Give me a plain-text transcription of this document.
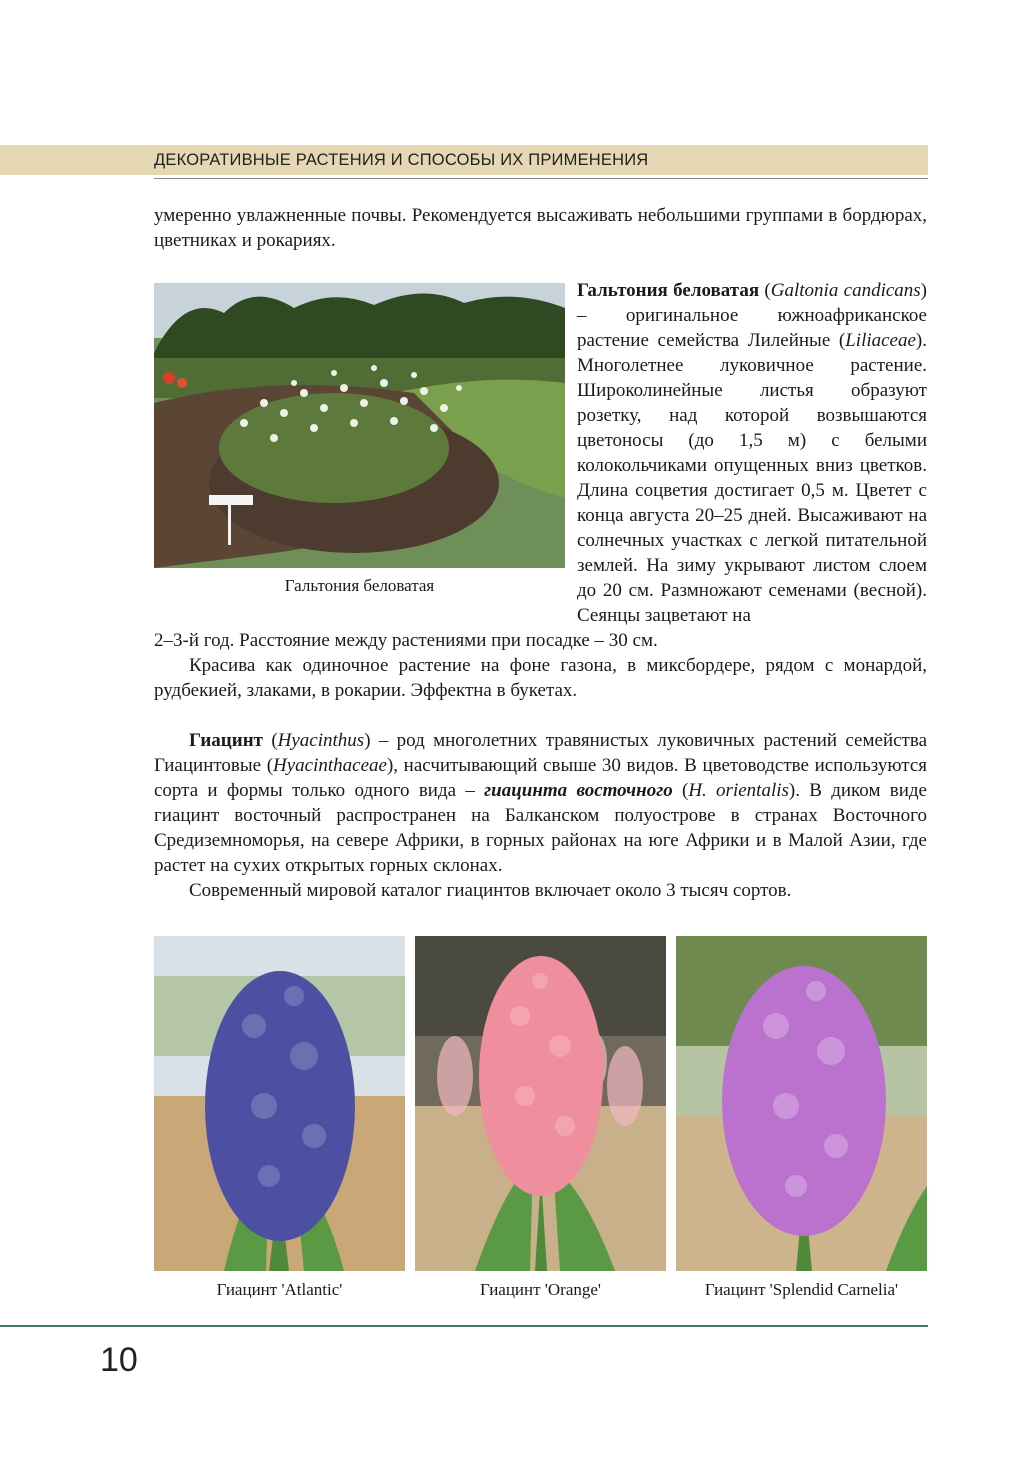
ДЕКОРАТИВНЫЕ РАСТЕНИЯ И СПОСОБЫ ИХ ПРИМЕНЕНИЯ

умеренно увлажненные почвы. Рекомендуется высаживать небольшими группами в бордюрах, цветниках и рокариях.

Гальтония беловатая

Гальтония беловатая (Galtonia candicans) – оригинальное южноафриканское растение семейства Лилейные (Liliaceae). Многолетнее луковичное растение. Широколинейные листья образуют розетку, над которой возвышаются цветоносы (до 1,5 м) с белыми колокольчиками опущенных вниз цветков. Длина соцветия достигает 0,5 м. Цветет с конца августа 20–25 дней. Высаживают на солнечных участках с легкой питательной землей. На зиму укрывают листом слоем до 20 см. Размножают семенами (весной). Сеянцы зацветают на

2–3-й год. Расстояние между растениями при посадке – 30 см.

Красива как одиночное растение на фоне газона, в миксбордере, рядом с монардой, рудбекией, злаками, в рокарии. Эффектна в букетах.

Гиацинт (Hyacinthus) – род многолетних травянистых луковичных растений семейства Гиацинтовые (Hyacinthaceae), насчитывающий свыше 30 видов. В цветоводстве используются сорта и формы только одного вида – гиацинта восточного (H. orientalis). В диком виде гиацинт восточный распространен на Балканском полуострове в странах Восточного Средиземноморья, на севере Африки, в горных районах на юге Африки и в Малой Азии, где растет на сухих открытых горных склонах.

Современный мировой каталог гиацинтов включает около 3 тысяч сортов.

Гиацинт 'Atlantic'	Гиацинт 'Orange'	Гиацинт 'Splendid Carnelia'
10
